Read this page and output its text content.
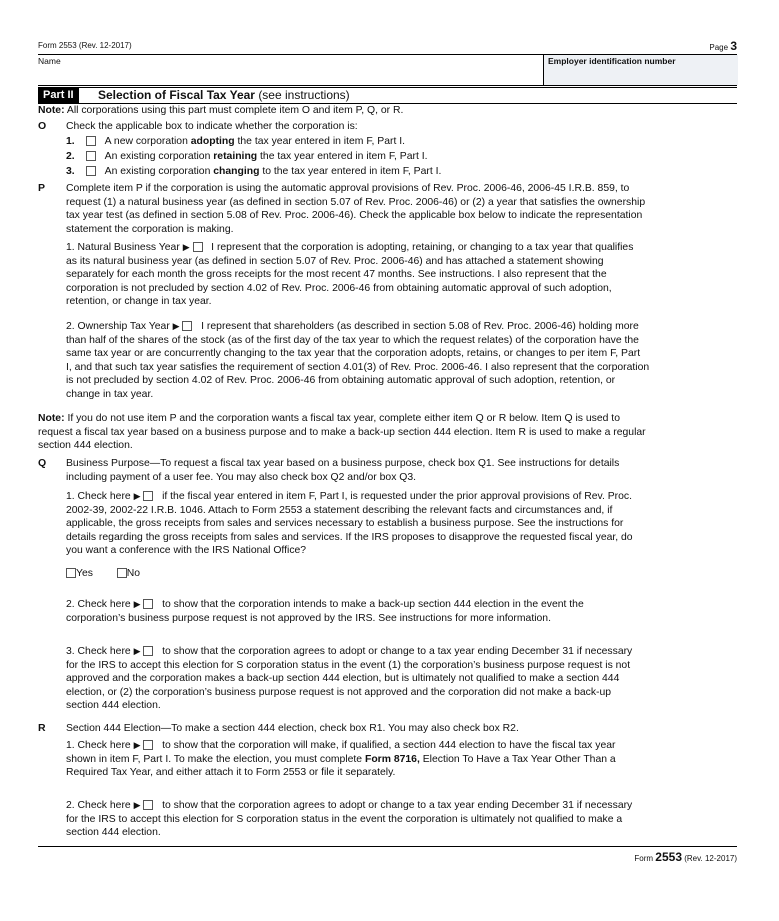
Form 2553 (Rev. 12-2017)	Page 3
Name	Employer identification number
Part II	Selection of Fiscal Tax Year (see instructions)
Note: All corporations using this part must complete item O and item P, Q, or R.
O Check the applicable box to indicate whether the corporation is:
1.	A new corporation adopting the tax year entered in item F, Part I.
2.	An existing corporation retaining the tax year entered in item F, Part I.
3.	An existing corporation changing to the tax year entered in item F, Part I.
P Complete item P if the corporation is using the automatic approval provisions of Rev. Proc. 2006-46, 2006-45 I.R.B. 859, to
request (1) a natural business year (as defined in section 5.07 of Rev. Proc. 2006-46) or (2) a year that satisfies the ownership
tax year test (as defined in section 5.08 of Rev. Proc. 2006-46). Check the applicable box below to indicate the representation
statement the corporation is making.
1. Natural Business Year ▶ I represent that the corporation is adopting, retaining, or changing to a tax year that qualifies
as its natural business year (as defined in section 5.07 of Rev. Proc. 2006-46) and has attached a statement showing
separately for each month the gross receipts for the most recent 47 months. See instructions. I also represent that the
corporation is not precluded by section 4.02 of Rev. Proc. 2006-46 from obtaining automatic approval of such adoption,
retention, or change in tax year.
2. Ownership Tax Year ▶ I represent that shareholders (as described in section 5.08 of Rev. Proc. 2006-46) holding more
than half of the shares of the stock (as of the first day of the tax year to which the request relates) of the corporation have the
same tax year or are concurrently changing to the tax year that the corporation adopts, retains, or changes to per item F, Part
I, and that such tax year satisfies the requirement of section 4.01(3) of Rev. Proc. 2006-46. I also represent that the corporation
is not precluded by section 4.02 of Rev. Proc. 2006-46 from obtaining automatic approval of such adoption, retention, or
change in tax year.
Note: If you do not use item P and the corporation wants a fiscal tax year, complete either item Q or R below. Item Q is used to
request a fiscal tax year based on a business purpose and to make a back-up section 444 election. Item R is used to make a regular
section 444 election.
Q Business Purpose—To request a fiscal tax year based on a business purpose, check box Q1. See instructions for details
including payment of a user fee. You may also check box Q2 and/or box Q3.
1. Check here ▶ if the fiscal year entered in item F, Part I, is requested under the prior approval provisions of Rev. Proc.
2002-39, 2002-22 I.R.B. 1046. Attach to Form 2553 a statement describing the relevant facts and circumstances and, if
applicable, the gross receipts from sales and services necessary to establish a business purpose. See the instructions for
details regarding the gross receipts from sales and services. If the IRS proposes to disapprove the requested fiscal year, do
you want a conference with the IRS National Office?
Yes	No
2. Check here ▶ to show that the corporation intends to make a back-up section 444 election in the event the
corporation’s business purpose request is not approved by the IRS. See instructions for more information.
3. Check here ▶ to show that the corporation agrees to adopt or change to a tax year ending December 31 if necessary
for the IRS to accept this election for S corporation status in the event (1) the corporation’s business purpose request is not
approved and the corporation makes a back-up section 444 election, but is ultimately not qualified to make a section 444
election, or (2) the corporation’s business purpose request is not approved and the corporation did not make a back-up
section 444 election.
R Section 444 Election—To make a section 444 election, check box R1. You may also check box R2.
1. Check here ▶ to show that the corporation will make, if qualified, a section 444 election to have the fiscal tax year
shown in item F, Part I. To make the election, you must complete Form 8716, Election To Have a Tax Year Other Than a
Required Tax Year, and either attach it to Form 2553 or file it separately.
2. Check here ▶ to show that the corporation agrees to adopt or change to a tax year ending December 31 if necessary
for the IRS to accept this election for S corporation status in the event the corporation is ultimately not qualified to make a
section 444 election.
Form 2553 (Rev. 12-2017)
